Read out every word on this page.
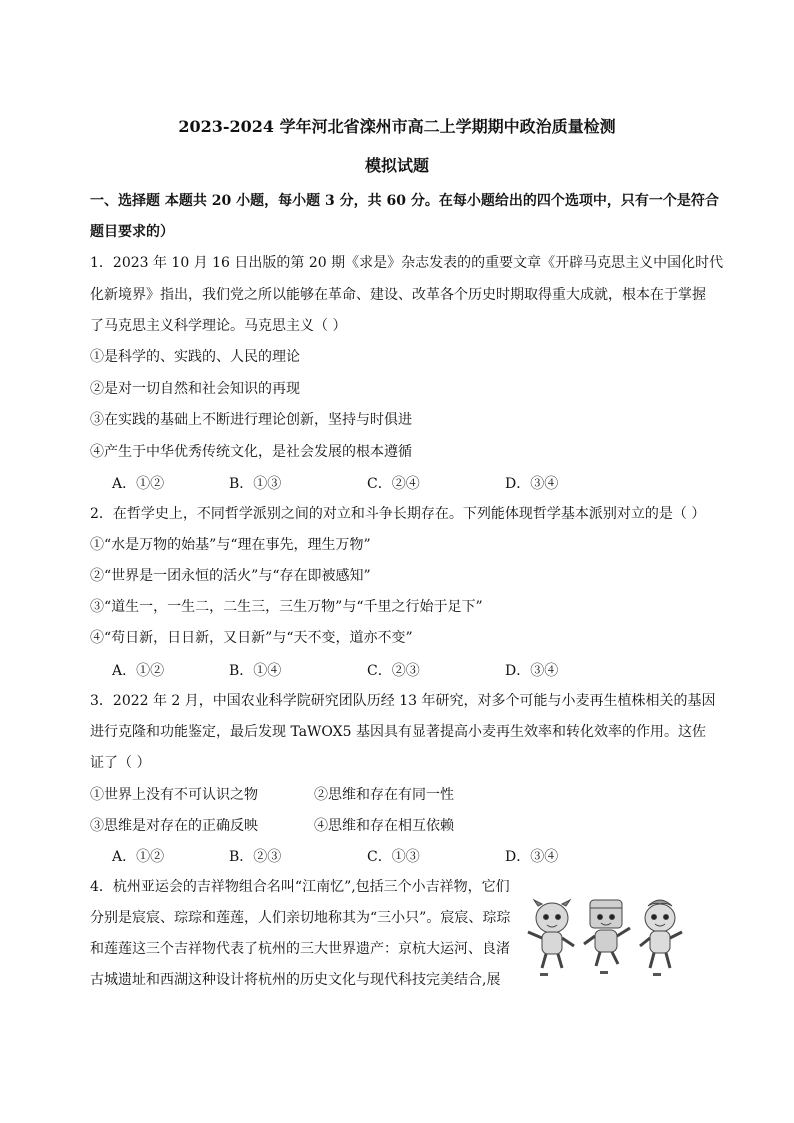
2023-2024 学年河北省滦州市高二上学期期中政治质量检测
模拟试题
一、选择题 本题共 20 小题，每小题 3 分，共 60 分。在每小题给出的四个选项中，只有一个是符合
题目要求的）
1．2023 年 10 月 16 日出版的第 20 期《求是》杂志发表的的重要文章《开辟马克思主义中国化时代
化新境界》指出，我们党之所以能够在革命、建设、改革各个历史时期取得重大成就，根本在于掌握
了马克思主义科学理论。马克思主义（ ）
①是科学的、实践的、人民的理论
②是对一切自然和社会知识的再现
③在实践的基础上不断进行理论创新，坚持与时俱进
④产生于中华优秀传统文化，是社会发展的根本遵循
A．①②	B．①③	C．②④	D．③④
2．在哲学史上，不同哲学派别之间的对立和斗争长期存在。下列能体现哲学基本派别对立的是（ ）
①“水是万物的始基”与“理在事先，理生万物”
②“世界是一团永恒的活火”与“存在即被感知”
③“道生一，一生二，二生三，三生万物”与“千里之行始于足下”
④“苟日新，日日新，又日新”与“天不变，道亦不变”
A．①②	B．①④	C．②③	D．③④
3．2022 年 2 月，中国农业科学院研究团队历经 13 年研究，对多个可能与小麦再生植株相关的基因
进行克隆和功能鉴定，最后发现 TaWOX5 基因具有显著提高小麦再生效率和转化效率的作用。这佐
证了（ ）
①世界上没有不可认识之物	②思维和存在有同一性
③思维是对存在的正确反映	④思维和存在相互依赖
A．①②	B．②③	C．①③	D．③④
4．杭州亚运会的吉祥物组合名叫“江南忆”,包括三个小吉祥物，它们
分别是宸宸、琮琮和莲莲，人们亲切地称其为“三小只”。宸宸、琮琮
和莲莲这三个吉祥物代表了杭州的三大世界遗产：京杭大运河、良渚
古城遗址和西湖这种设计将杭州的历史文化与现代科技完美结合,展
